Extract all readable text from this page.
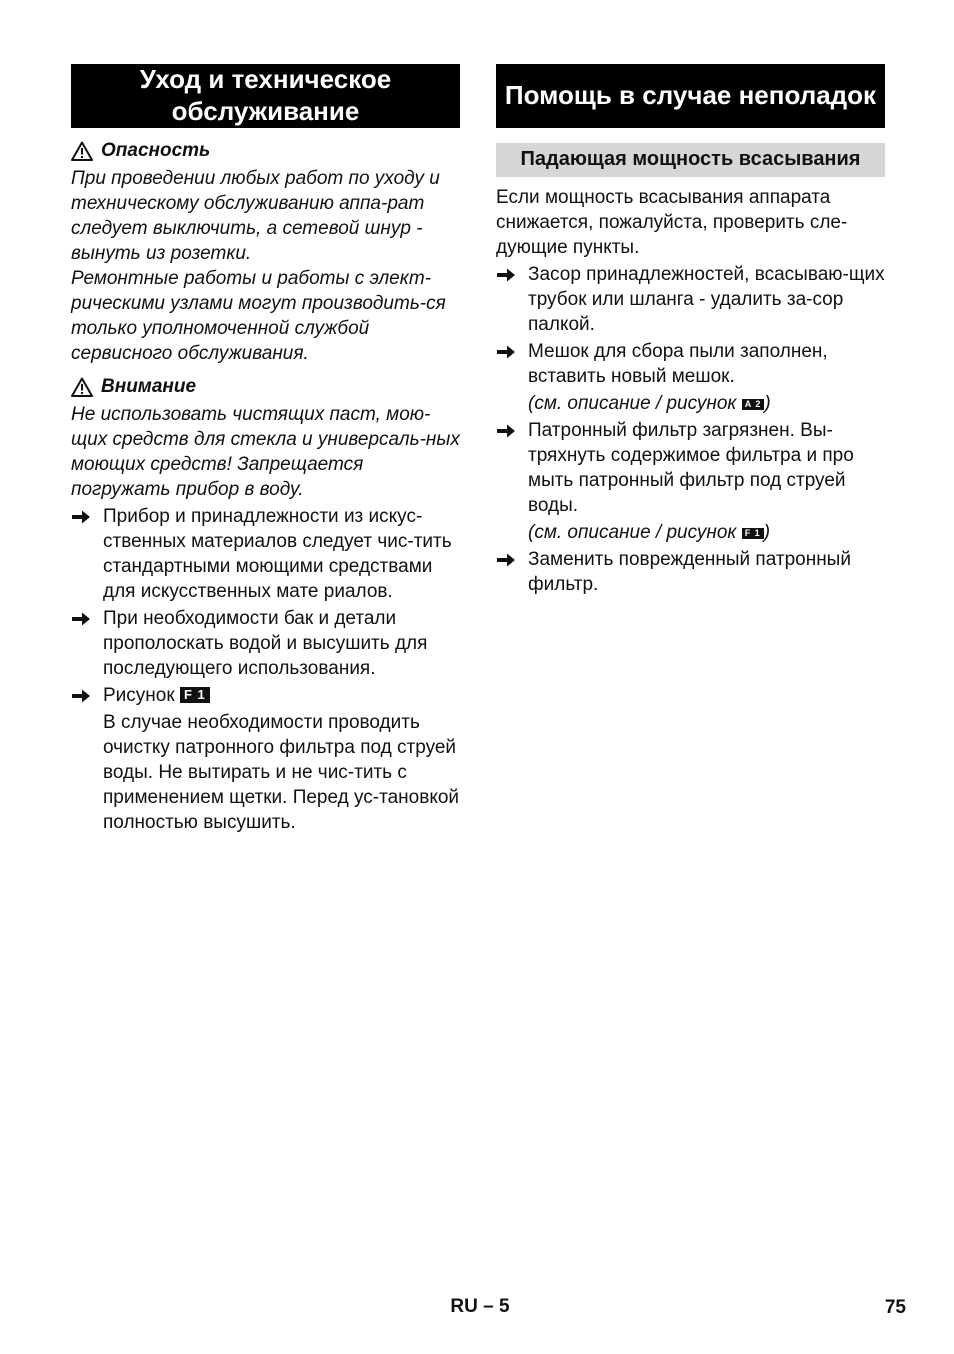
Уход и техническое обслуживание
Опасность
При проведении любых работ по уходу и техническому обслуживанию аппа-рат следует выключить, а сетевой шнур - вынуть из розетки.
Ремонтные работы и работы с элект-рическими узлами могут производить-ся только уполномоченной службой сервисного обслуживания.
Внимание
Не использовать чистящих паст, мою-щих средств для стекла и универсаль-ных моющих средств! Запрещается погружать прибор в воду.
Прибор и принадлежности из искус-ственных материалов следует чис-тить стандартными моющими средствами для искусственных мате риалов.
При необходимости бак и детали прополоскать водой и высушить для последующего использования.
Рисунок F 1
В случае необходимости проводить очистку патронного фильтра под струей воды. Не вытирать и не чис-тить с применением щетки. Перед ус-тановкой полностью высушить.
Помощь в случае неполадок
Падающая мощность всасывания
Если мощность всасывания аппарата снижается, пожалуйста, проверить сле-дующие пункты.
Засор принадлежностей, всасываю-щих трубок или шланга - удалить за-сор палкой.
Мешок для сбора пыли заполнен, вставить новый мешок.
(см. описание / рисунок A 2 )
Патронный фильтр загрязнен. Вы-тряхнуть содержимое фильтра и про мыть патронный фильтр под струей воды.
(см. описание / рисунок F 1 )
Заменить поврежденный патронный фильтр.
RU – 5	75
